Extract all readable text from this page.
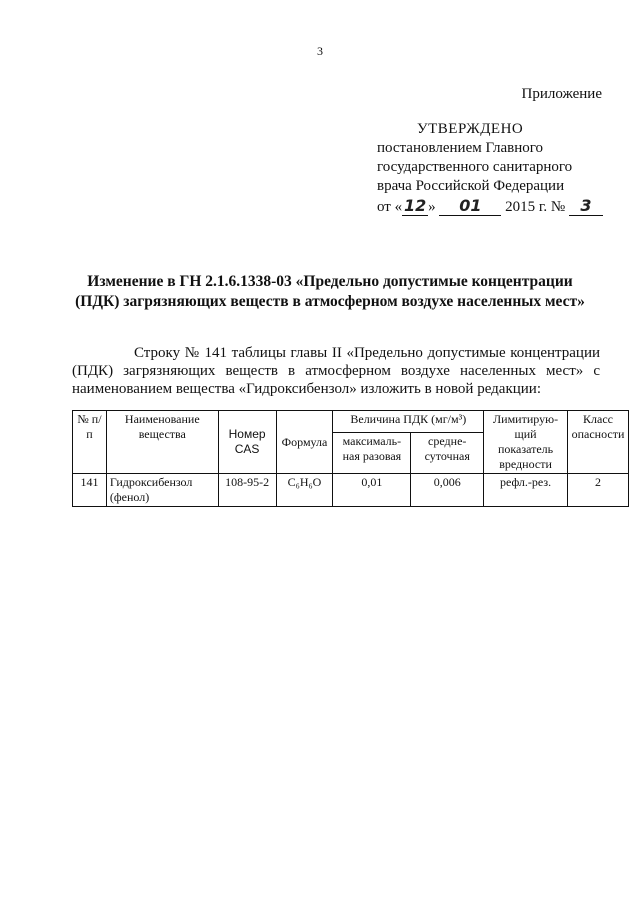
3
Приложение
УТВЕРЖДЕНО
постановлением Главного
государственного санитарного
врача Российской Федерации
от « 12 » 01 2015 г. № 3
Изменение в ГН 2.1.6.1338-03 «Предельно допустимые концентрации
(ПДК) загрязняющих веществ в атмосферном воздухе населенных мест»
Строку № 141 таблицы главы II «Предельно допустимые концентрации (ПДК) загрязняющих веществ в атмосферном воздухе населенных мест» с наименованием вещества «Гидроксибензол» изложить в новой редакции:
№ п/п	Наименование вещества	Номер CAS	Формула	Величина ПДК (мг/м³)		Лимитирую-щий показатель вредности	Класс опасности
				максималь-ная разовая	средне-суточная		
141	Гидроксибензол (фенол)	108-95-2	C₆H₆O	0,01	0,006	рефл.-рез.	2
